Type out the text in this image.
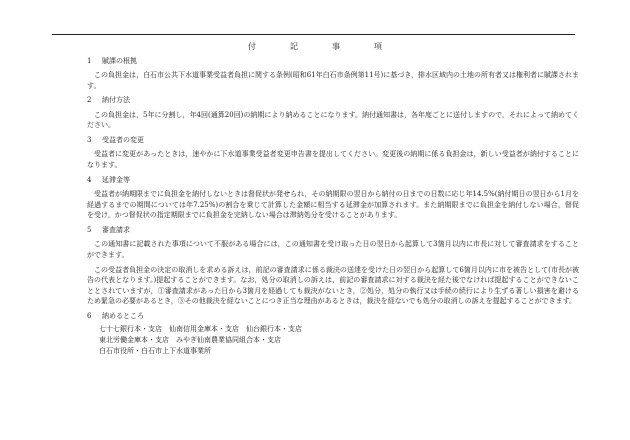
付	記	事	項
1 賦課の根拠
この負担金は，白石市公共下水道事業受益者負担に関する条例(昭和61年白石市条例第11号)に基づき，排水区域内の土地の所有者又は権利者に賦課されます。
2 納付方法
この負担金は，5年に分割し，年4回(通算20回)の納期により納めることになります。納付通知書は，各年度ごとに送付しますので，それによって納めてください。
3 受益者の変更
受益者に変更があったときは，速やかに下水道事業受益者変更申告書を提出してください。変更後の納期に係る負担金は，新しい受益者が納付することになります。
4 延滞金等
受益者が納期限までに負担金を納付しないときは督促状が発せられ，その納期限の翌日から納付の日までの日数に応じ年14.5%(納付期日の翌日から1月を経過するまでの期間については年7.25%)の割合を乗じて計算した金額に相当する延滞金が加算されます。また納期限までに負担金を納付しない場合，督促を受け，かつ督促状の指定期限までに負担金を完納しない場合は滞納処分を受けることがあります。
5 審査請求
この通知書に記載された事項について不服がある場合には，この通知書を受け取った日の翌日から起算して3箇月以内に市長に対して審査請求をすることができます。
この受益者負担金の決定の取消しを求める訴えは，前記の審査請求に係る裁決の送達を受けた日の翌日から起算して6箇月以内に市を被告として(市長が被告の代表となります。)提起することができます。なお，処分の取消しの訴えは，前記の審査請求に対する裁決を経た後でなければ提起することができないこととされていますが，①審査請求があった日から3箇月を経過しても裁決がないとき，②処分，処分の執行又は手続の続行により生ずる著しい損害を避けるため緊急の必要があるとき，③その他裁決を経ないことにつき正当な理由があるときは，裁決を経ないでも処分の取消しの訴えを提起することができます。
6 納めるところ
七十七銀行本・支店　仙南信用金庫本・支店　仙台銀行本・支店
東北労働金庫本・支店　みやぎ仙南農業協同組合本・支店
白石市役所・白石市上下水道事業所
